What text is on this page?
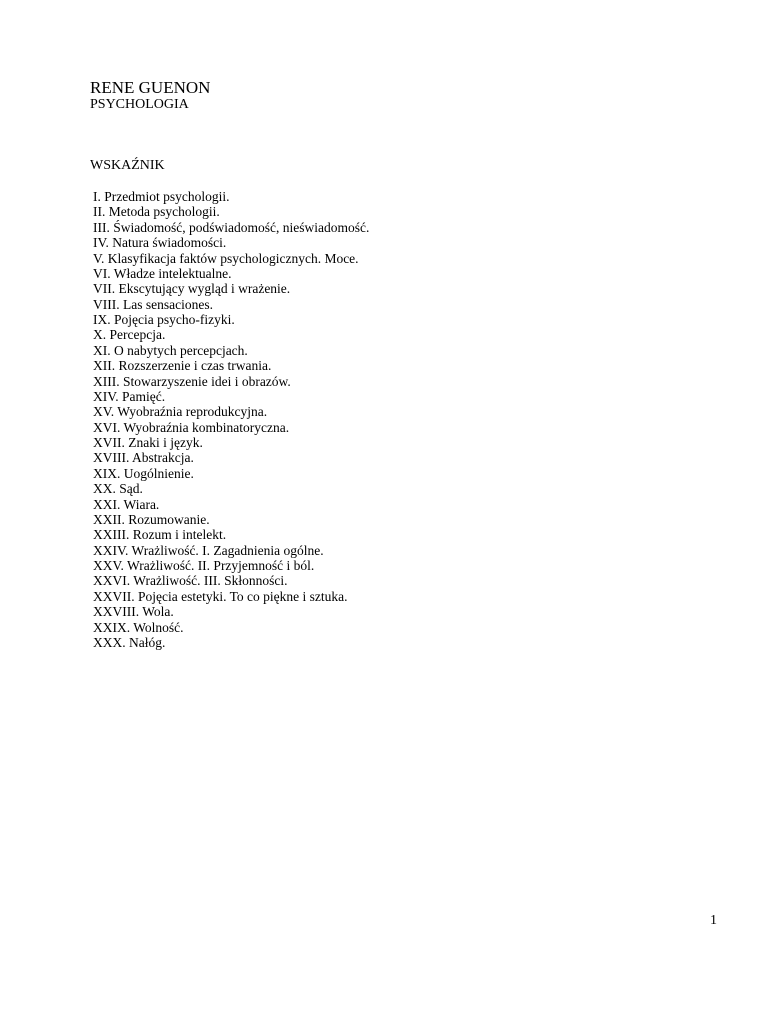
RENE GUENON
PSYCHOLOGIA
WSKAŹNIK
I. Przedmiot psychologii.
II. Metoda psychologii.
III. Świadomość, podświadomość, nieświadomość.
IV. Natura świadomości.
V. Klasyfikacja faktów psychologicznych. Moce.
VI. Władze intelektualne.
VII. Ekscytujący wygląd i wrażenie.
VIII. Las sensaciones.
IX. Pojęcia psycho-fizyki.
X. Percepcja.
XI. O nabytych percepcjach.
XII. Rozszerzenie i czas trwania.
XIII. Stowarzyszenie idei i obrazów.
XIV. Pamięć.
XV. Wyobraźnia reprodukcyjna.
XVI. Wyobraźnia kombinatoryczna.
XVII. Znaki i język.
XVIII. Abstrakcja.
XIX. Uogólnienie.
XX. Sąd.
XXI. Wiara.
XXII. Rozumowanie.
XXIII. Rozum i intelekt.
XXIV. Wrażliwość. I. Zagadnienia ogólne.
XXV. Wrażliwość. II. Przyjemność i ból.
XXVI. Wrażliwość. III. Skłonności.
XXVII. Pojęcia estetyki. To co piękne i sztuka.
XXVIII. Wola.
XXIX. Wolność.
XXX. Nałóg.
1
